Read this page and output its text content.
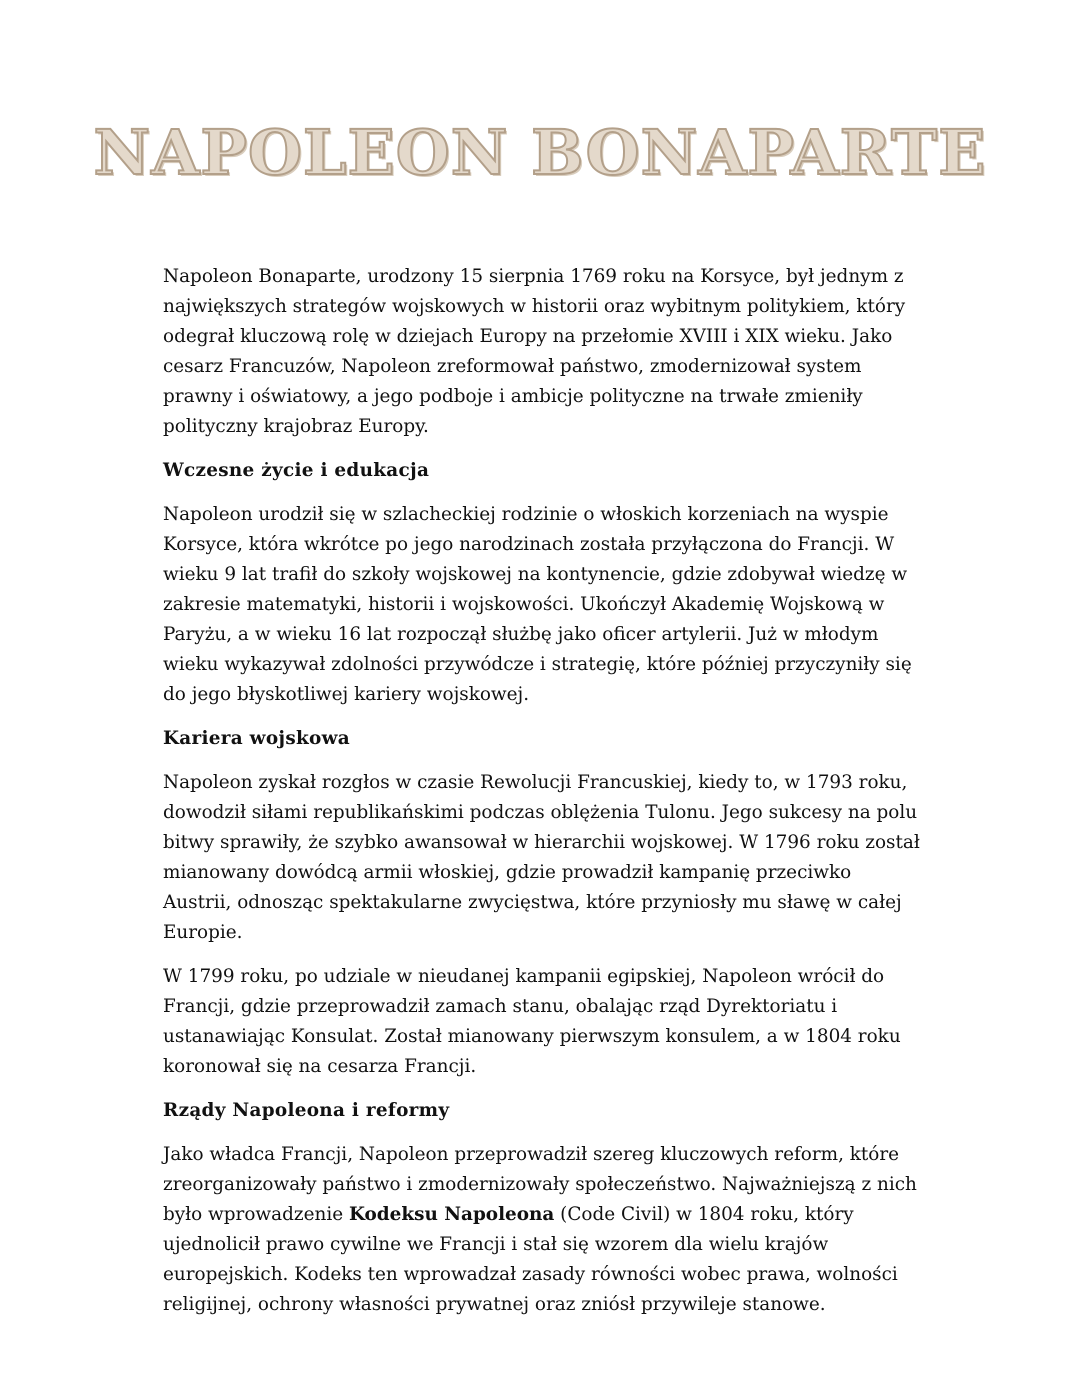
NAPOLEON BONAPARTE

Napoleon Bonaparte, urodzony 15 sierpnia 1769 roku na Korsyce, był jednym z największych strategów wojskowych w historii oraz wybitnym politykiem, który odegrał kluczową rolę w dziejach Europy na przełomie XVIII i XIX wieku. Jako cesarz Francuzów, Napoleon zreformował państwo, zmodernizował system prawny i oświatowy, a jego podboje i ambicje polityczne na trwałe zmieniły polityczny krajobraz Europy.

Wczesne życie i edukacja

Napoleon urodził się w szlacheckiej rodzinie o włoskich korzeniach na wyspie Korsyce, która wkrótce po jego narodzinach została przyłączona do Francji. W wieku 9 lat trafił do szkoły wojskowej na kontynencie, gdzie zdobywał wiedzę w zakresie matematyki, historii i wojskowości. Ukończył Akademię Wojskową w Paryżu, a w wieku 16 lat rozpoczął służbę jako oficer artylerii. Już w młodym wieku wykazywał zdolności przywódcze i strategię, które później przyczyniły się do jego błyskotliwej kariery wojskowej.

Kariera wojskowa

Napoleon zyskał rozgłos w czasie Rewolucji Francuskiej, kiedy to, w 1793 roku, dowodził siłami republikańskimi podczas oblężenia Tulonu. Jego sukcesy na polu bitwy sprawiły, że szybko awansował w hierarchii wojskowej. W 1796 roku został mianowany dowódcą armii włoskiej, gdzie prowadził kampanię przeciwko Austrii, odnosząc spektakularne zwycięstwa, które przyniosły mu sławę w całej Europie.

W 1799 roku, po udziale w nieudanej kampanii egipskiej, Napoleon wrócił do Francji, gdzie przeprowadził zamach stanu, obalając rząd Dyrektoriatu i ustanawiając Konsulat. Został mianowany pierwszym konsulem, a w 1804 roku koronował się na cesarza Francji.

Rządy Napoleona i reformy

Jako władca Francji, Napoleon przeprowadził szereg kluczowych reform, które zreorganizowały państwo i zmodernizowały społeczeństwo. Najważniejszą z nich było wprowadzenie Kodeksu Napoleona (Code Civil) w 1804 roku, który ujednolicił prawo cywilne we Francji i stał się wzorem dla wielu krajów europejskich. Kodeks ten wprowadzał zasady równości wobec prawa, wolności religijnej, ochrony własności prywatnej oraz zniósł przywileje stanowe.
